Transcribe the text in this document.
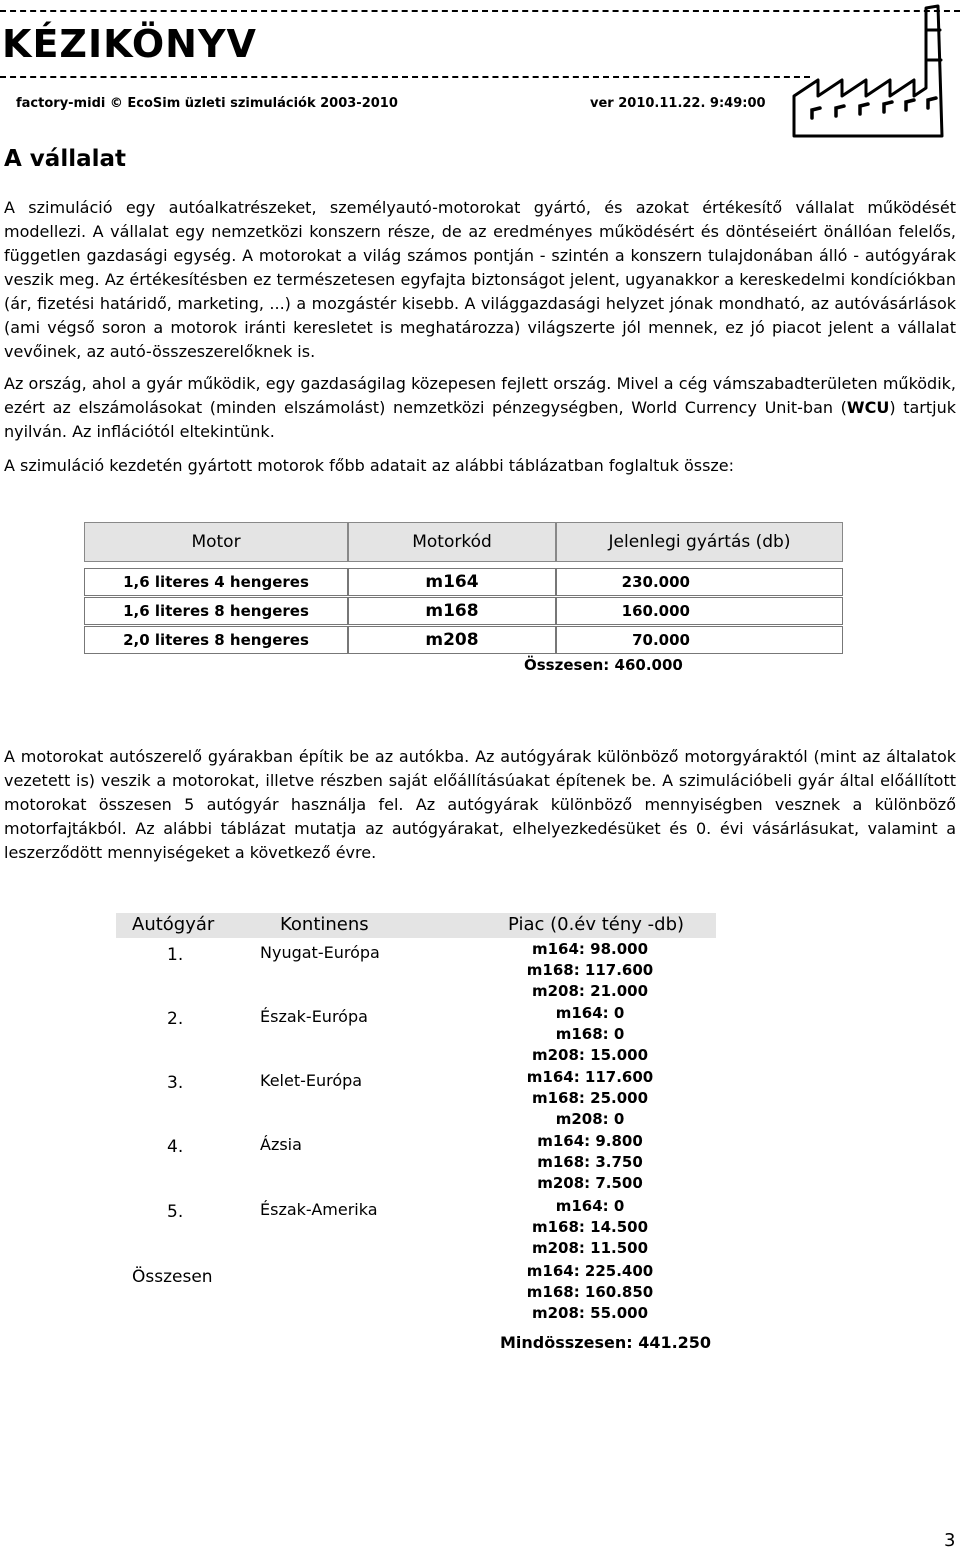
KÉZIKÖNYV
factory-midi © EcoSim üzleti szimulációk 2003-2010	ver 2010.11.22. 9:49:00
A vállalat

A szimuláció egy autóalkatrészeket, személyautó-motorokat gyártó, és azokat értékesítő vállalat működését modellezi. A vállalat egy nemzetközi konszern része, de az eredményes működésért és döntéseiért önállóan felelős, független gazdasági egység. A motorokat a világ számos pontján - szintén a konszern tulajdonában álló - autógyárak veszik meg. Az értékesítésben ez természetesen egyfajta biztonságot jelent, ugyanakkor a kereskedelmi kondíciókban (ár, fizetési határidő, marketing, ...) a mozgástér kisebb. A világgazdasági helyzet jónak mondható, az autóvásárlások (ami végső soron a motorok iránti keresletet is meghatározza) világszerte jól mennek, ez jó piacot jelent a vállalat vevőinek, az autó-összeszerelőknek is.

Az ország, ahol a gyár működik, egy gazdaságilag közepesen fejlett ország. Mivel a cég vámszabadterületen működik, ezért az elszámolásokat (minden elszámolást) nemzetközi pénzegységben, World Currency Unit-ban (WCU) tartjuk nyilván. Az inflációtól eltekintünk.

A szimuláció kezdetén gyártott motorok főbb adatait az alábbi táblázatban foglaltuk össze:

Motor	Motorkód	Jelenlegi gyártás (db)
1,6 literes 4 hengeres	m164	230.000
1,6 literes 8 hengeres	m168	160.000
2,0 literes 8 hengeres	m208	70.000
Összesen: 460.000

A motorokat autószerelő gyárakban építik be az autókba. Az autógyárak különböző motorgyáraktól (mint az általatok vezetett is) veszik a motorokat, illetve részben saját előállításúakat építenek be. A szimulációbeli gyár által előállított motorokat összesen 5 autógyár használja fel. Az autógyárak különböző mennyiségben vesznek a különböző motorfajtákból. Az alábbi táblázat mutatja az autógyárakat, elhelyezkedésüket és 0. évi vásárlásukat, valamint a leszerződött mennyiségeket a következő évre.

Autógyár	Kontinens	Piac (0.év tény -db)
1.	Nyugat-Európa	m164: 98.000
m168: 117.600
m208: 21.000
2.	Észak-Európa	m164: 0
m168: 0
m208: 15.000
3.	Kelet-Európa	m164: 117.600
m168: 25.000
m208: 0
4.	Ázsia	m164: 9.800
m168: 3.750
m208: 7.500
5.	Észak-Amerika	m164: 0
m168: 14.500
m208: 11.500
Összesen	m164: 225.400
m168: 160.850
m208: 55.000
Mindösszesen: 441.250
3
